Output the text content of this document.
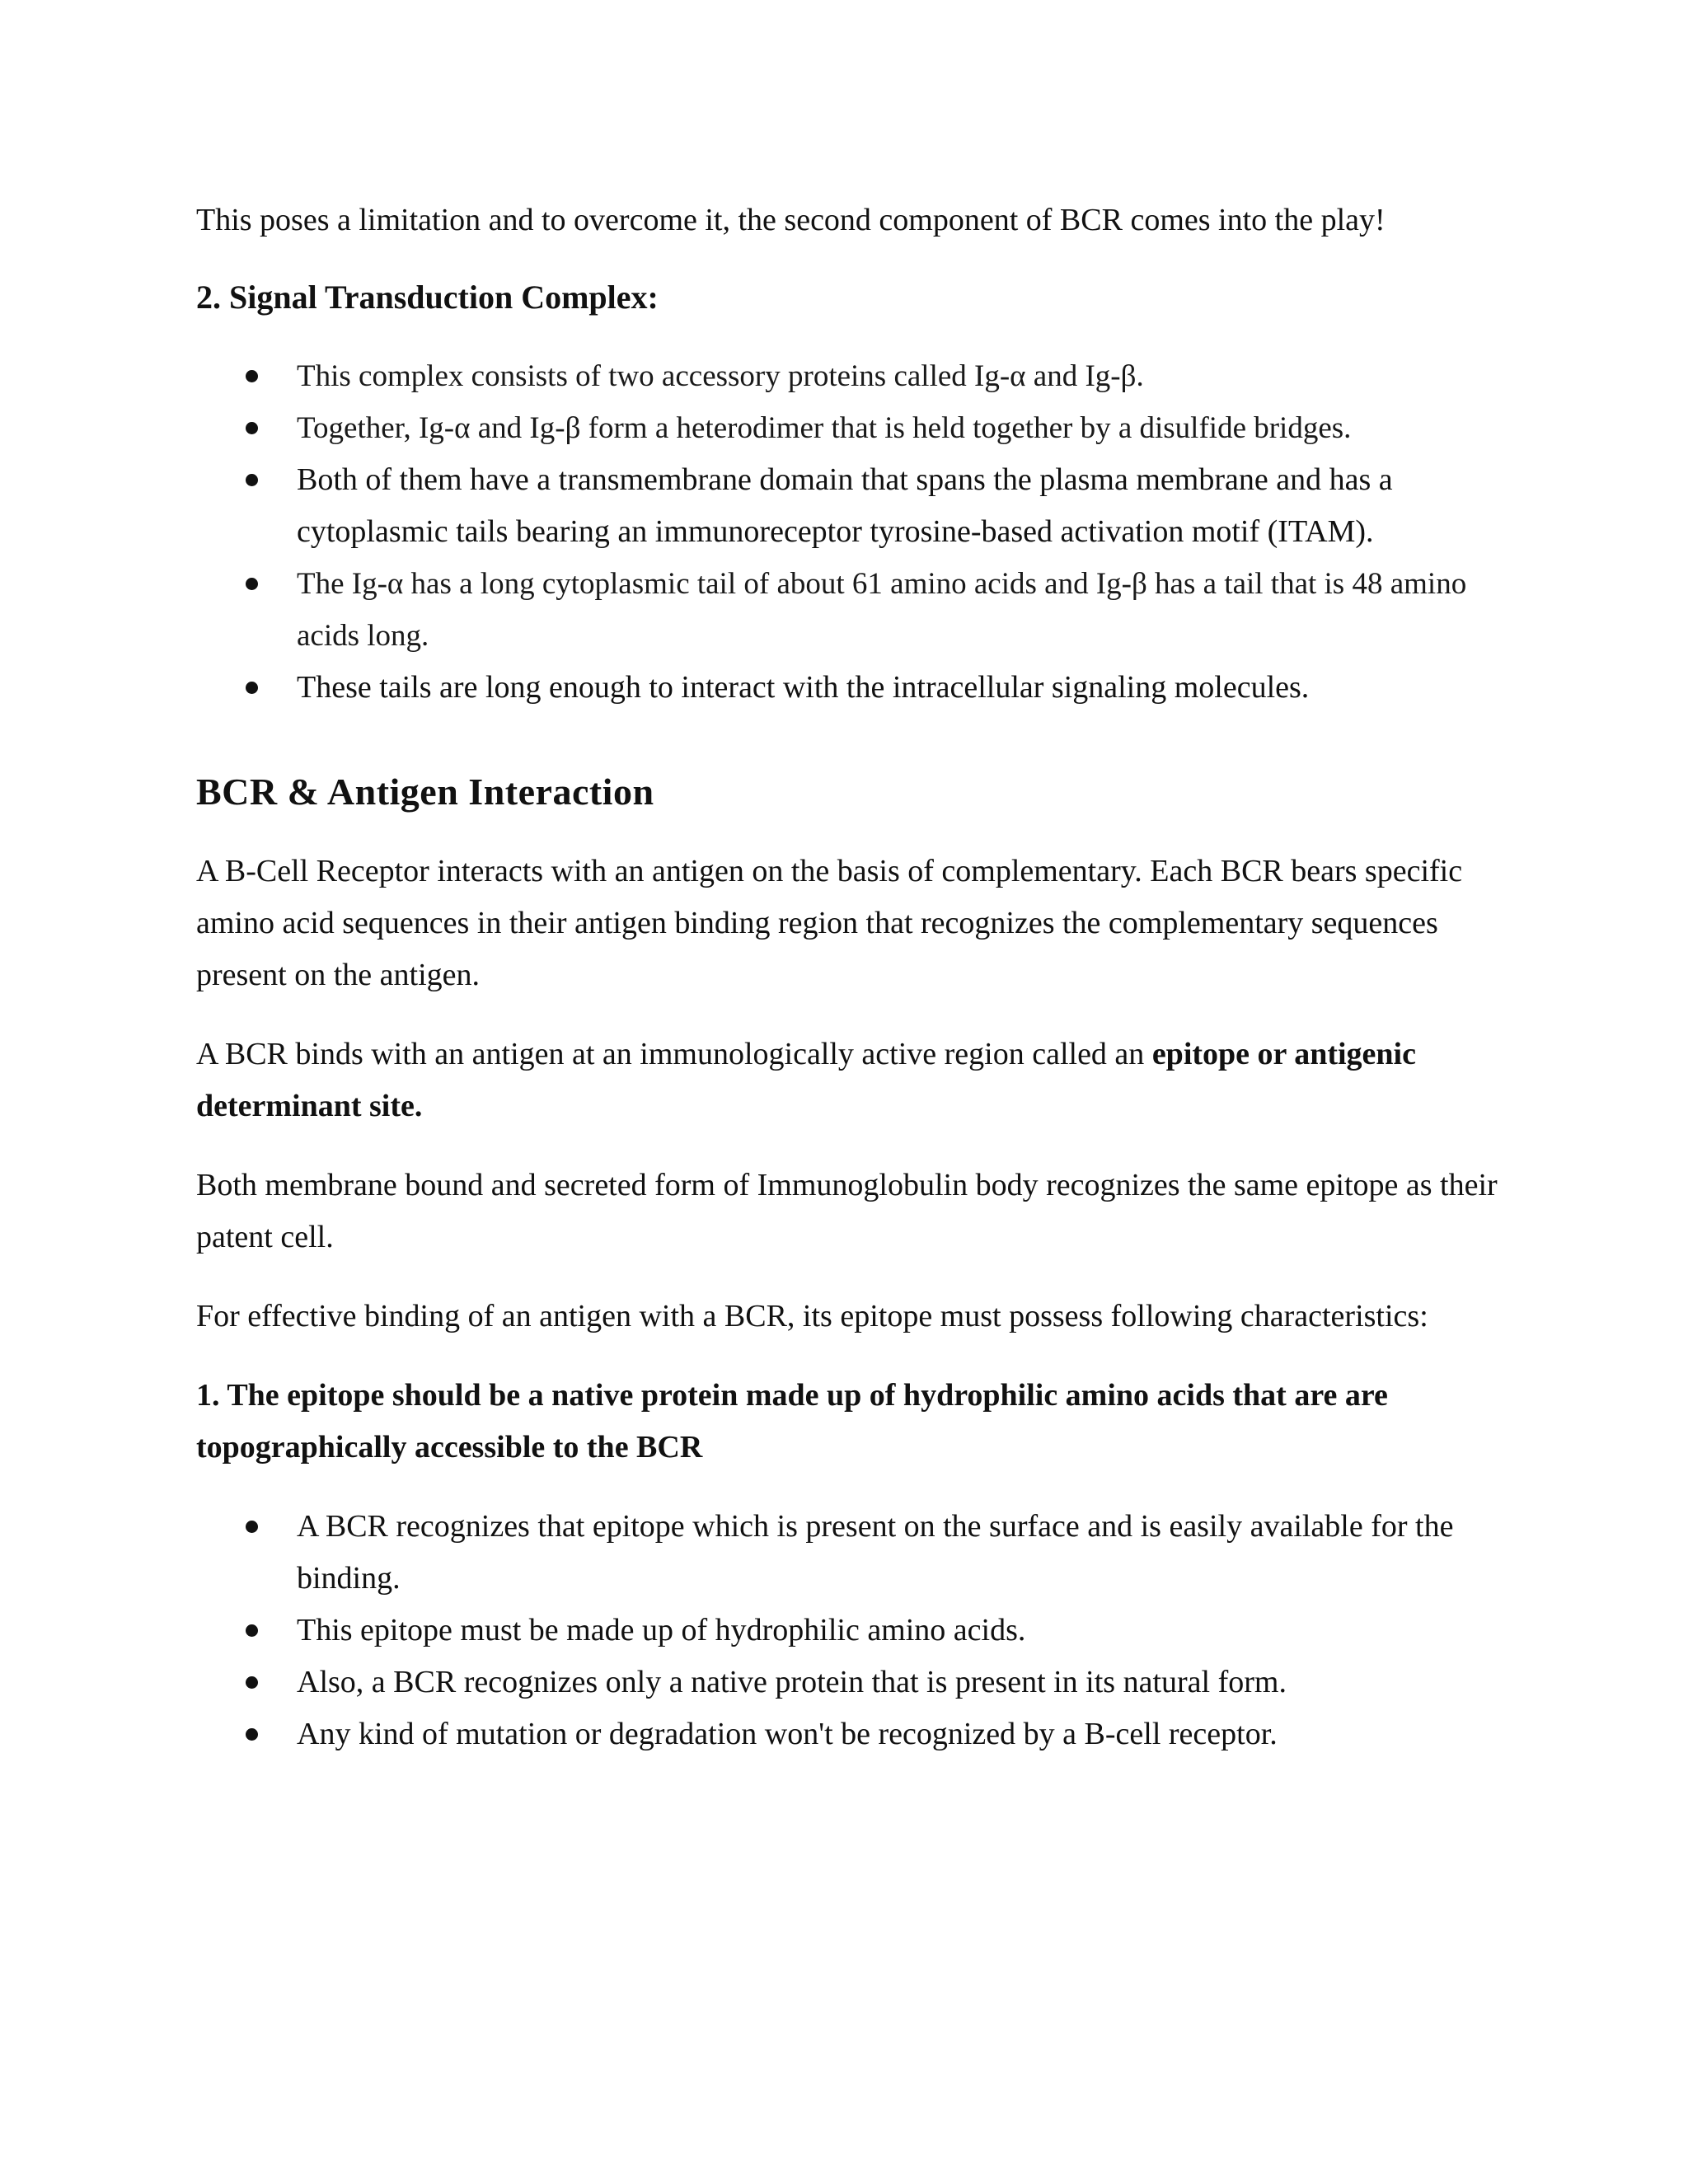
This poses a limitation and to overcome it, the second component of BCR comes into the play!

2. Signal Transduction Complex:
This complex consists of two accessory proteins called Ig-α and Ig-β.
Together, Ig-α and Ig-β form a heterodimer that is held together by a disulfide bridges.
Both of them have a transmembrane domain that spans the plasma membrane and has a cytoplasmic tails bearing an immunoreceptor tyrosine-based activation motif (ITAM).
The Ig-α has a long cytoplasmic tail of about 61 amino acids and Ig-β has a tail that is 48 amino acids long.
These tails are long enough to interact with the intracellular signaling molecules.
BCR & Antigen Interaction

A B-Cell Receptor interacts with an antigen on the basis of complementary. Each BCR bears specific amino acid sequences in their antigen binding region that recognizes the complementary sequences present on the antigen.

A BCR binds with an antigen at an immunologically active region called an epitope or antigenic determinant site.

Both membrane bound and secreted form of Immunoglobulin body recognizes the same epitope as their patent cell.

For effective binding of an antigen with a BCR, its epitope must possess following characteristics:

1. The epitope should be a native protein made up of hydrophilic amino acids that are are topographically accessible to the BCR
A BCR recognizes that epitope which is present on the surface and is easily available for the binding.
This epitope must be made up of hydrophilic amino acids.
Also, a BCR recognizes only a native protein that is present in its natural form.
Any kind of mutation or degradation won't be recognized by a B-cell receptor.
